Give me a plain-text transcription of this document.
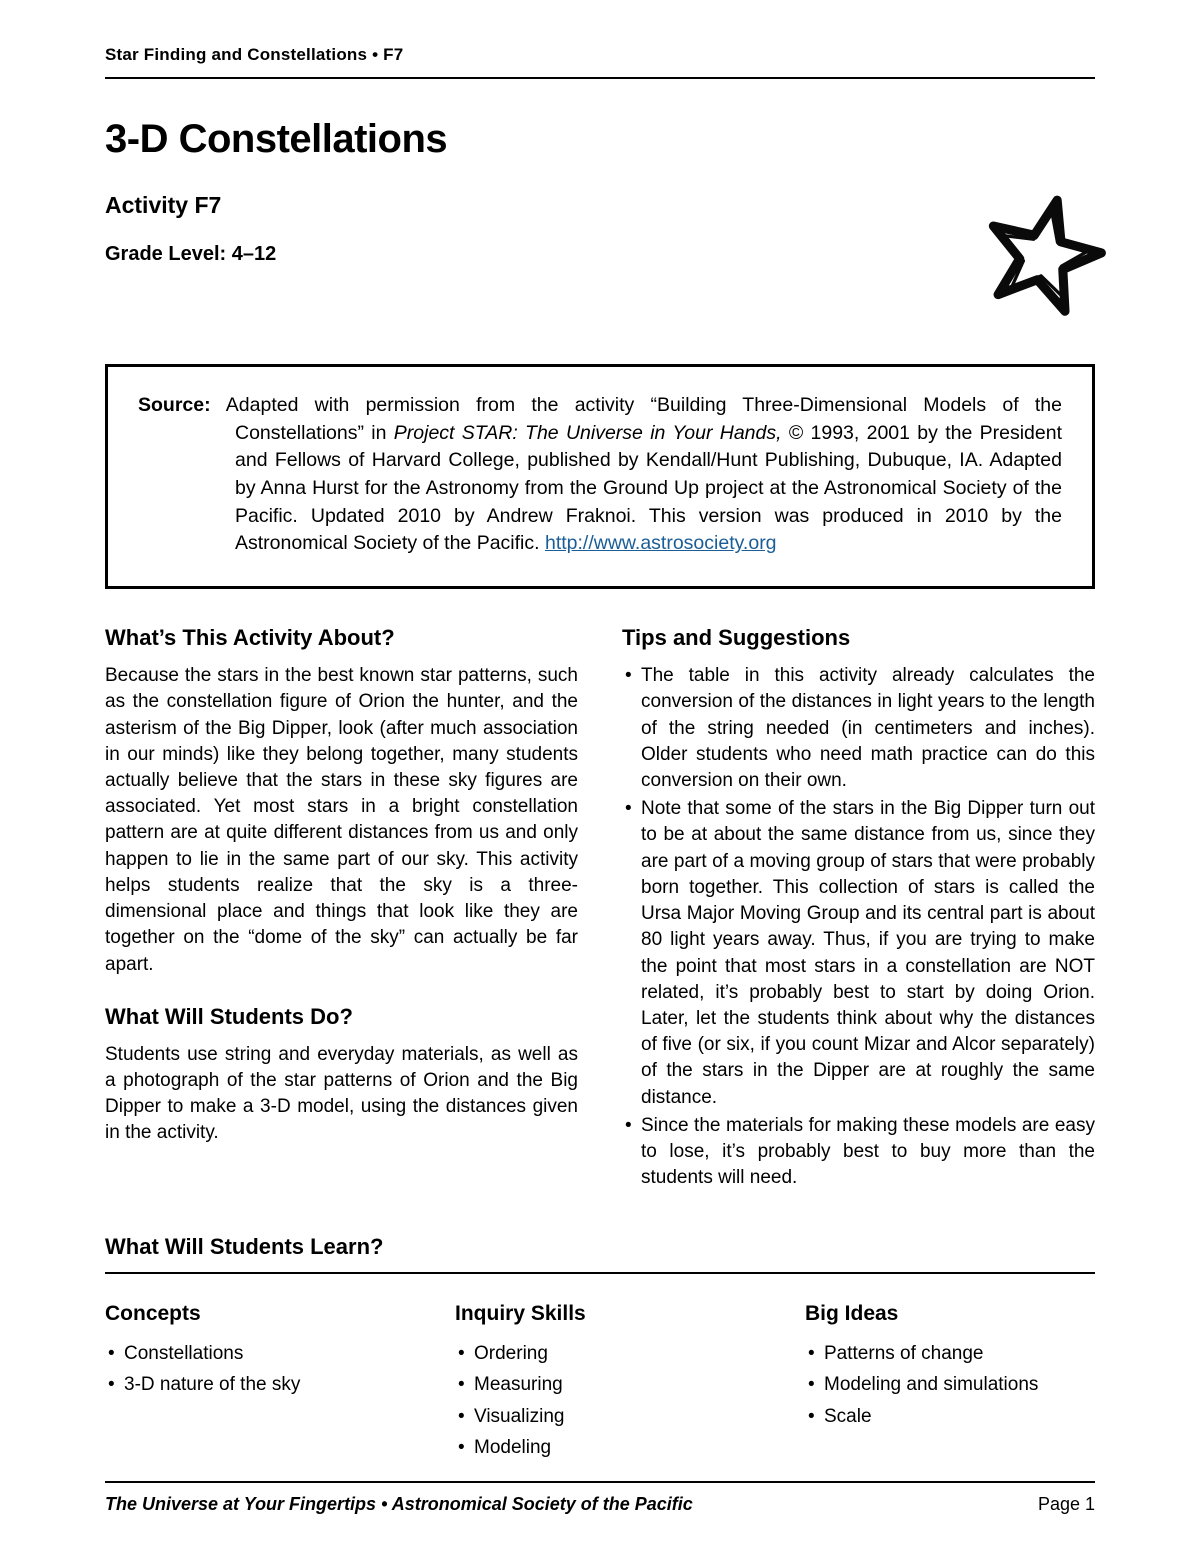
Star Finding and Constellations • F7
3-D Constellations
Activity F7
Grade Level: 4–12

Source: Adapted with permission from the activity “Building Three-Dimensional Models of the Constellations” in Project STAR: The Universe in Your Hands, © 1993, 2001 by the President and Fellows of Harvard College, published by Kendall/Hunt Publishing, Dubuque, IA. Adapted by Anna Hurst for the Astronomy from the Ground Up project at the Astronomical Society of the Pacific. Updated 2010 by Andrew Fraknoi. This version was produced in 2010 by the Astronomical Society of the Pacific. http://www.astrosociety.org

What’s This Activity About?

Because the stars in the best known star patterns, such as the constellation figure of Orion the hunter, and the asterism of the Big Dipper, look (after much association in our minds) like they belong together, many students actually believe that the stars in these sky figures are associated. Yet most stars in a bright constellation pattern are at quite different distances from us and only happen to lie in the same part of our sky. This activity helps students realize that the sky is a three-dimensional place and things that look like they are together on the “dome of the sky” can actually be far apart.

What Will Students Do?

Students use string and everyday materials, as well as a photograph of the star patterns of Orion and the Big Dipper to make a 3-D model, using the distances given in the activity.

Tips and Suggestions
• The table in this activity already calculates the conversion of the distances in light years to the length of the string needed (in centimeters and inches). Older students who need math practice can do this conversion on their own.
• Note that some of the stars in the Big Dipper turn out to be at about the same distance from us, since they are part of a moving group of stars that were probably born together. This collection of stars is called the Ursa Major Moving Group and its central part is about 80 light years away. Thus, if you are trying to make the point that most stars in a constellation are NOT related, it’s probably best to start by doing Orion. Later, let the students think about why the distances of five (or six, if you count Mizar and Alcor separately) of the stars in the Dipper are at roughly the same distance.
• Since the materials for making these models are easy to lose, it’s probably best to buy more than the students will need.
What Will Students Learn?
Concepts
• Constellations
• 3-D nature of the sky
Inquiry Skills
• Ordering
• Measuring
• Visualizing
• Modeling
Big Ideas
• Patterns of change
• Modeling and simulations
• Scale
The Universe at Your Fingertips • Astronomical Society of the Pacific	Page 1
